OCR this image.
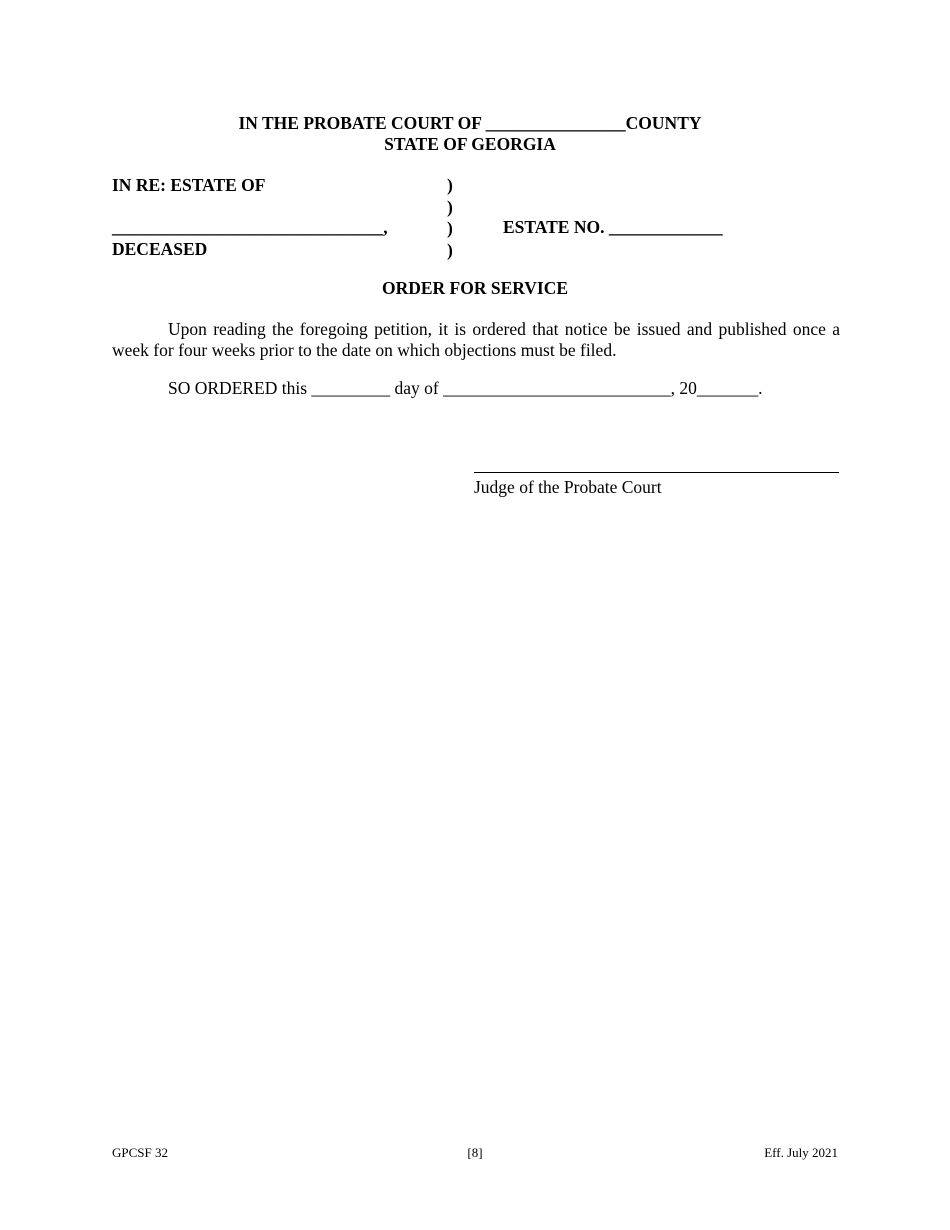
IN THE PROBATE COURT OF ________________COUNTY
STATE OF GEORGIA
IN RE: ESTATE OF
_______________________________,
DECEASED
)
)
)
)
ESTATE NO. _____________
ORDER FOR SERVICE
Upon reading the foregoing petition, it is ordered that notice be issued and published once a week for four weeks prior to the date on which objections must be filed.
SO ORDERED this _________ day of __________________________, 20_______.
Judge of the Probate Court
GPCSF 32	[8]	Eff. July 2021
